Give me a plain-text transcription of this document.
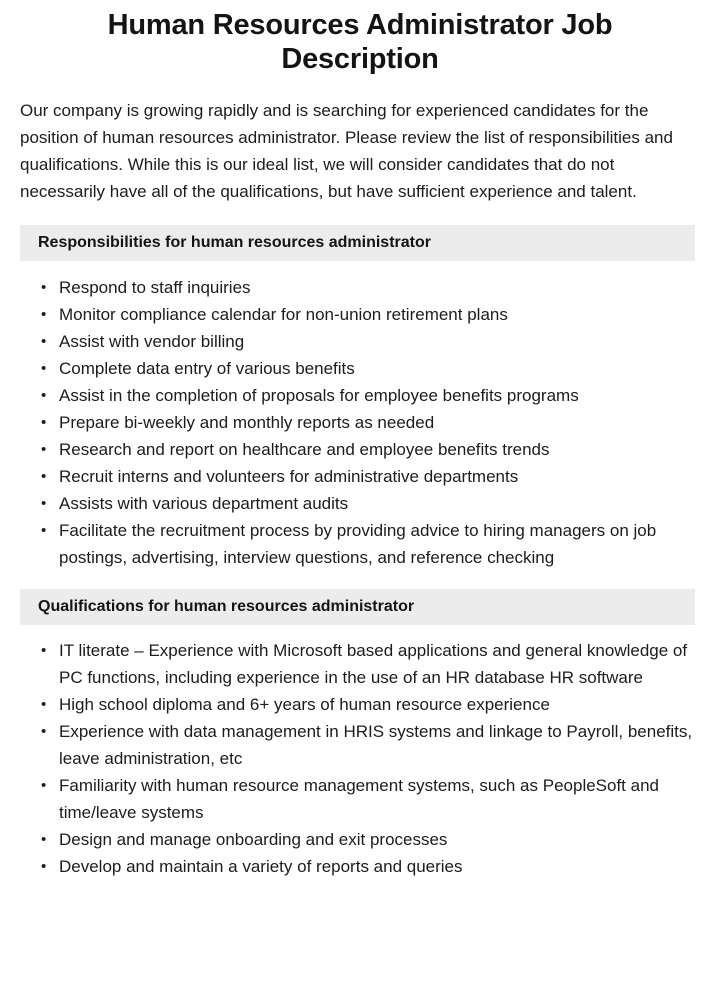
Human Resources Administrator Job Description

Our company is growing rapidly and is searching for experienced candidates for the position of human resources administrator. Please review the list of responsibilities and qualifications. While this is our ideal list, we will consider candidates that do not necessarily have all of the qualifications, but have sufficient experience and talent.

Responsibilities for human resources administrator
• Respond to staff inquiries
• Monitor compliance calendar for non-union retirement plans
• Assist with vendor billing
• Complete data entry of various benefits
• Assist in the completion of proposals for employee benefits programs
• Prepare bi-weekly and monthly reports as needed
• Research and report on healthcare and employee benefits trends
• Recruit interns and volunteers for administrative departments
• Assists with various department audits
• Facilitate the recruitment process by providing advice to hiring managers on job postings, advertising, interview questions, and reference checking
Qualifications for human resources administrator
• IT literate – Experience with Microsoft based applications and general knowledge of PC functions, including experience in the use of an HR database HR software
• High school diploma and 6+ years of human resource experience
• Experience with data management in HRIS systems and linkage to Payroll, benefits, leave administration, etc
• Familiarity with human resource management systems, such as PeopleSoft and time/leave systems
• Design and manage onboarding and exit processes
• Develop and maintain a variety of reports and queries
